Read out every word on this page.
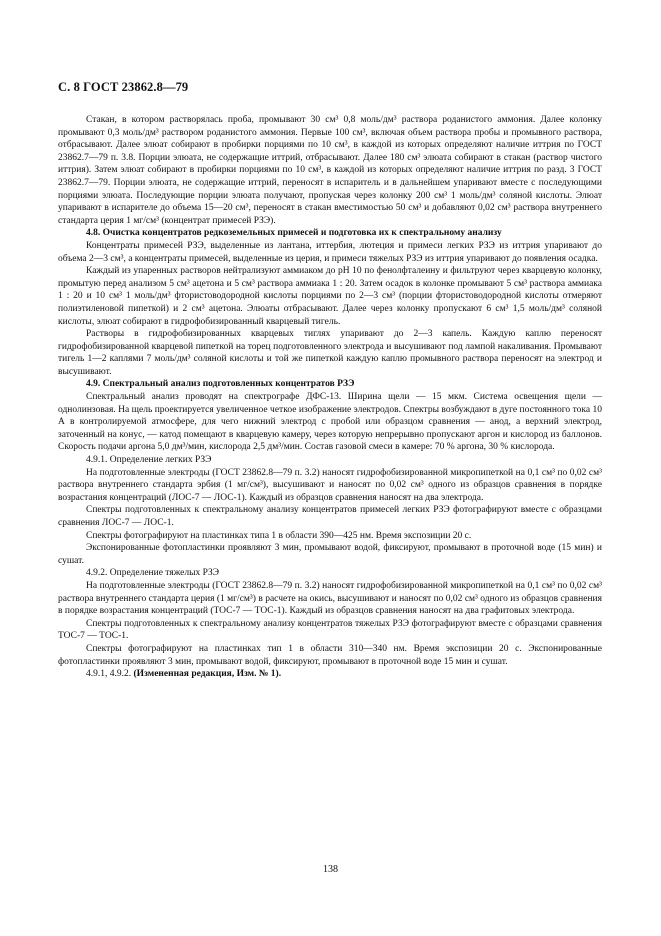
С. 8 ГОСТ 23862.8—79

Стакан, в котором растворялась проба, промывают 30 см³ 0,8 моль/дм³ раствора роданистого аммония. Далее колонку промывают 0,3 моль/дм³ раствором роданистого аммония. Первые 100 см³, включая объем раствора пробы и промывного раствора, отбрасывают. Далее элюат собирают в пробирки порциями по 10 см³, в каждой из которых определяют наличие иттрия по ГОСТ 23862.7—79 п. 3.8. Порции элюата, не содержащие иттрий, отбрасывают. Далее 180 см³ элюата собирают в стакан (раствор чистого иттрия). Затем элюат собирают в пробирки порциями по 10 см³, в каждой из которых определяют наличие иттрия по разд. 3 ГОСТ 23862.7—79. Порции элюата, не содержащие иттрий, переносят в испаритель и в дальнейшем упаривают вместе с последующими порциями элюата. Последующие порции элюата получают, пропуская через колонку 200 см³ 1 моль/дм³ соляной кислоты. Элюат упаривают в испарителе до объема 15—20 см³, переносят в стакан вместимостью 50 см³ и добавляют 0,02 см³ раствора внутреннего стандарта церия 1 мг/см³ (концентрат примесей РЗЭ).

4.8. Очистка концентратов редкоземельных примесей и подготовка их к спектральному анализу

Концентраты примесей РЗЭ, выделенные из лантана, иттербия, лютеция и примеси легких РЗЭ из иттрия упаривают до объема 2—3 см³, а концентраты примесей, выделенные из церия, и примеси тяжелых РЗЭ из иттрия упаривают до появления осадка.

Каждый из упаренных растворов нейтрализуют аммиаком до рН 10 по фенолфталеину и фильтруют через кварцевую колонку, промытую перед анализом 5 см³ ацетона и 5 см³ раствора аммиака 1 : 20. Затем осадок в колонке промывают 5 см³ раствора аммиака 1 : 20 и 10 см³ 1 моль/дм³ фтористоводородной кислоты порциями по 2—3 см³ (порции фтористоводородной кислоты отмеряют полиэтиленовой пипеткой) и 2 см³ ацетона. Элюаты отбрасывают. Далее через колонку пропускают 6 см³ 1,5 моль/дм³ соляной кислоты, элюат собирают в гидрофобизированный кварцевый тигель.

Растворы в гидрофобизированных кварцевых тиглях упаривают до 2—3 капель. Каждую каплю переносят гидрофобизированной кварцевой пипеткой на торец подготовленного электрода и высушивают под лампой накаливания. Промывают тигель 1—2 каплями 7 моль/дм³ соляной кислоты и той же пипеткой каждую каплю промывного раствора переносят на электрод и высушивают.

4.9. Спектральный анализ подготовленных концентратов РЗЭ

Спектральный анализ проводят на спектрографе ДФС-13. Ширина щели — 15 мкм. Система освещения щели — однолинзовая. На щель проектируется увеличенное четкое изображение электродов. Спектры возбуждают в дуге постоянного тока 10 А в контролируемой атмосфере, для чего нижний электрод с пробой или образцом сравнения — анод, а верхний электрод, заточенный на конус, — катод помещают в кварцевую камеру, через которую непрерывно пропускают аргон и кислород из баллонов. Скорость подачи аргона 5,0 дм³/мин, кислорода 2,5 дм³/мин. Состав газовой смеси в камере: 70 % аргона, 30 % кислорода.

4.9.1. Определение легких РЗЭ

На подготовленные электроды (ГОСТ 23862.8—79 п. 3.2) наносят гидрофобизированной микропипеткой на 0,1 см³ по 0,02 см³ раствора внутреннего стандарта эрбия (1 мг/см³), высушивают и наносят по 0,02 см³ одного из образцов сравнения в порядке возрастания концентраций (ЛОС-7 — ЛОС-1). Каждый из образцов сравнения наносят на два электрода.

Спектры подготовленных к спектральному анализу концентратов примесей легких РЗЭ фотографируют вместе с образцами сравнения ЛОС-7 — ЛОС-1.

Спектры фотографируют на пластинках типа 1 в области 390—425 нм. Время экспозиции 20 с.

Экспонированные фотопластинки проявляют 3 мин, промывают водой, фиксируют, промывают в проточной воде (15 мин) и сушат.

4.9.2. Определение тяжелых РЗЭ

На подготовленные электроды (ГОСТ 23862.8—79 п. 3.2) наносят гидрофобизированной микропипеткой на 0,1 см³ по 0,02 см³ раствора внутреннего стандарта церия (1 мг/см³) в расчете на окись, высушивают и наносят по 0,02 см³ одного из образцов сравнения в порядке возрастания концентраций (ТОС-7 — ТОС-1). Каждый из образцов сравнения наносят на два графитовых электрода.

Спектры подготовленных к спектральному анализу концентратов тяжелых РЗЭ фотографируют вместе с образцами сравнения ТОС-7 — ТОС-1.

Спектры фотографируют на пластинках тип 1 в области 310—340 нм. Время экспозиции 20 с. Экспонированные фотопластинки проявляют 3 мин, промывают водой, фиксируют, промывают в проточной воде 15 мин и сушат.

4.9.1, 4.9.2. (Измененная редакция, Изм. № 1).

138
